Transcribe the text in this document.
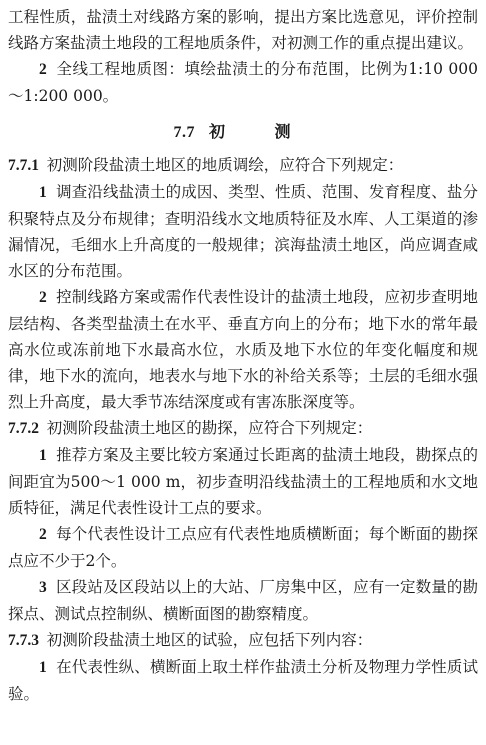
工程性质，盐渍土对线路方案的影响，提出方案比选意见，评价控制线路方案盐渍土地段的工程地质条件，对初测工作的重点提出建议。

2 全线工程地质图：填绘盐渍土的分布范围，比例为1:10 000～1:200 000。

7.7 初 测

7.7.1 初测阶段盐渍土地区的地质调绘，应符合下列规定：

1 调查沿线盐渍土的成因、类型、性质、范围、发育程度、盐分积聚特点及分布规律；查明沿线水文地质特征及水库、人工渠道的渗漏情况，毛细水上升高度的一般规律；滨海盐渍土地区，尚应调查咸水区的分布范围。

2 控制线路方案或需作代表性设计的盐渍土地段，应初步查明地层结构、各类型盐渍土在水平、垂直方向上的分布；地下水的常年最高水位或冻前地下水最高水位，水质及地下水位的年变化幅度和规律，地下水的流向，地表水与地下水的补给关系等；土层的毛细水强烈上升高度，最大季节冻结深度或有害冻胀深度等。

7.7.2 初测阶段盐渍土地区的勘探，应符合下列规定：

1 推荐方案及主要比较方案通过长距离的盐渍土地段，勘探点的间距宜为500～1 000 m，初步查明沿线盐渍土的工程地质和水文地质特征，满足代表性设计工点的要求。

2 每个代表性设计工点应有代表性地质横断面；每个断面的勘探点应不少于2个。

3 区段站及区段站以上的大站、厂房集中区，应有一定数量的勘探点、测试点控制纵、横断面图的勘察精度。

7.7.3 初测阶段盐渍土地区的试验，应包括下列内容：

1 在代表性纵、横断面上取土样作盐渍土分析及物理力学性质试验。
